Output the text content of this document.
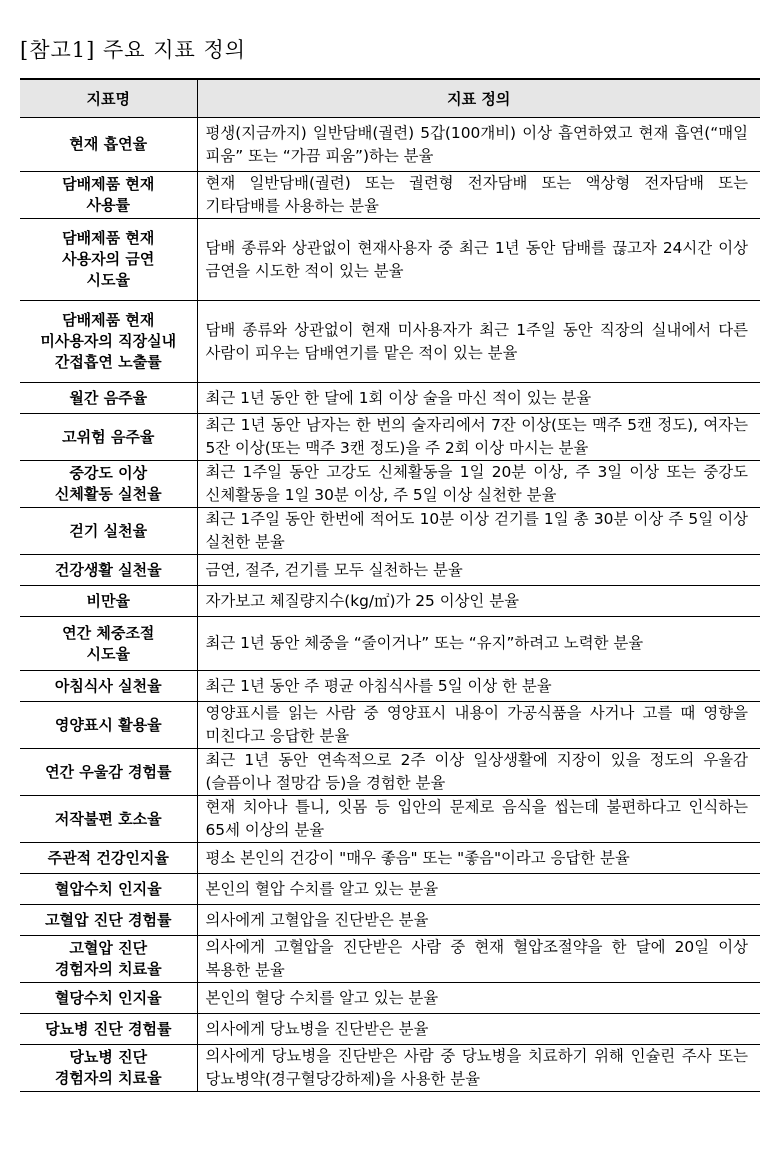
[참고1] 주요 지표 정의
지표명	지표 정의
현재 흡연율	평생(지금까지) 일반담배(궐련) 5갑(100개비) 이상 흡연하였고 현재 흡연(“매일 피움” 또는 “가끔 피움”)하는 분율
담배제품 현재
사용률	현재 일반담배(궐련) 또는 궐련형 전자담배 또는 액상형 전자담배 또는 기타담배를 사용하는 분율
담배제품 현재
사용자의 금연
시도율	담배 종류와 상관없이 현재사용자 중 최근 1년 동안 담배를 끊고자 24시간 이상 금연을 시도한 적이 있는 분율
담배제품 현재
미사용자의 직장실내
간접흡연 노출률	담배 종류와 상관없이 현재 미사용자가 최근 1주일 동안 직장의 실내에서 다른 사람이 피우는 담배연기를 맡은 적이 있는 분율
월간 음주율	최근 1년 동안 한 달에 1회 이상 술을 마신 적이 있는 분율
고위험 음주율	최근 1년 동안 남자는 한 번의 술자리에서 7잔 이상(또는 맥주 5캔 정도), 여자는 5잔 이상(또는 맥주 3캔 정도)을 주 2회 이상 마시는 분율
중강도 이상
신체활동 실천율	최근 1주일 동안 고강도 신체활동을 1일 20분 이상, 주 3일 이상 또는 중강도 신체활동을 1일 30분 이상, 주 5일 이상 실천한 분율
걷기 실천율	최근 1주일 동안 한번에 적어도 10분 이상 걷기를 1일 총 30분 이상 주 5일 이상 실천한 분율
건강생활 실천율	금연, 절주, 걷기를 모두 실천하는 분율
비만율	자가보고 체질량지수(kg/㎡)가 25 이상인 분율
연간 체중조절
시도율	최근 1년 동안 체중을 “줄이거나” 또는 “유지”하려고 노력한 분율
아침식사 실천율	최근 1년 동안 주 평균 아침식사를 5일 이상 한 분율
영양표시 활용율	영양표시를 읽는 사람 중 영양표시 내용이 가공식품을 사거나 고를 때 영향을 미친다고 응답한 분율
연간 우울감 경험률	최근 1년 동안 연속적으로 2주 이상 일상생활에 지장이 있을 정도의 우울감(슬픔이나 절망감 등)을 경험한 분율
저작불편 호소율	현재 치아나 틀니, 잇몸 등 입안의 문제로 음식을 씹는데 불편하다고 인식하는 65세 이상의 분율
주관적 건강인지율	평소 본인의 건강이 "매우 좋음" 또는 "좋음"이라고 응답한 분율
혈압수치 인지율	본인의 혈압 수치를 알고 있는 분율
고혈압 진단 경험률	의사에게 고혈압을 진단받은 분율
고혈압 진단
경험자의 치료율	의사에게 고혈압을 진단받은 사람 중 현재 혈압조절약을 한 달에 20일 이상 복용한 분율
혈당수치 인지율	본인의 혈당 수치를 알고 있는 분율
당뇨병 진단 경험률	의사에게 당뇨병을 진단받은 분율
당뇨병 진단
경험자의 치료율	의사에게 당뇨병을 진단받은 사람 중 당뇨병을 치료하기 위해 인슐린 주사 또는 당뇨병약(경구혈당강하제)을 사용한 분율
